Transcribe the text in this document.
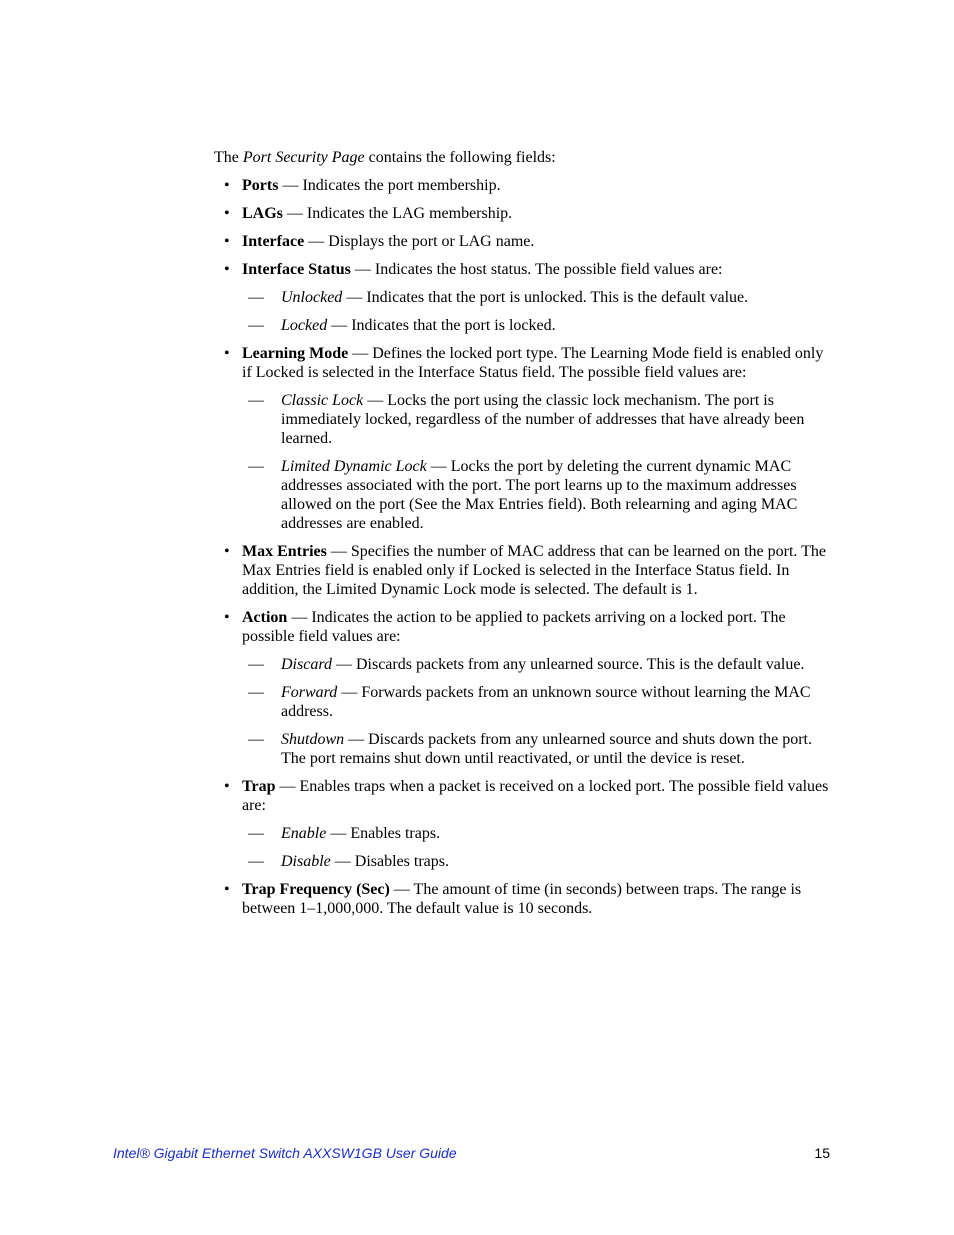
The Port Security Page contains the following fields:

• Ports — Indicates the port membership.
• LAGs — Indicates the LAG membership.
• Interface — Displays the port or LAG name.
• Interface Status — Indicates the host status. The possible field values are:
— Unlocked — Indicates that the port is unlocked. This is the default value.
— Locked — Indicates that the port is locked.
• Learning Mode — Defines the locked port type. The Learning Mode field is enabled only if Locked is selected in the Interface Status field. The possible field values are:
— Classic Lock — Locks the port using the classic lock mechanism. The port is immediately locked, regardless of the number of addresses that have already been learned.
— Limited Dynamic Lock — Locks the port by deleting the current dynamic MAC addresses associated with the port. The port learns up to the maximum addresses allowed on the port (See the Max Entries field). Both relearning and aging MAC addresses are enabled.
• Max Entries — Specifies the number of MAC address that can be learned on the port. The Max Entries field is enabled only if Locked is selected in the Interface Status field. In addition, the Limited Dynamic Lock mode is selected. The default is 1.
• Action — Indicates the action to be applied to packets arriving on a locked port. The possible field values are:
— Discard — Discards packets from any unlearned source. This is the default value.
— Forward — Forwards packets from an unknown source without learning the MAC address.
— Shutdown — Discards packets from any unlearned source and shuts down the port. The port remains shut down until reactivated, or until the device is reset.
• Trap — Enables traps when a packet is received on a locked port. The possible field values are:
— Enable — Enables traps.
— Disable — Disables traps.
• Trap Frequency (Sec) — The amount of time (in seconds) between traps. The range is between 1–1,000,000. The default value is 10 seconds.
Intel® Gigabit Ethernet Switch AXXSW1GB User Guide	15
